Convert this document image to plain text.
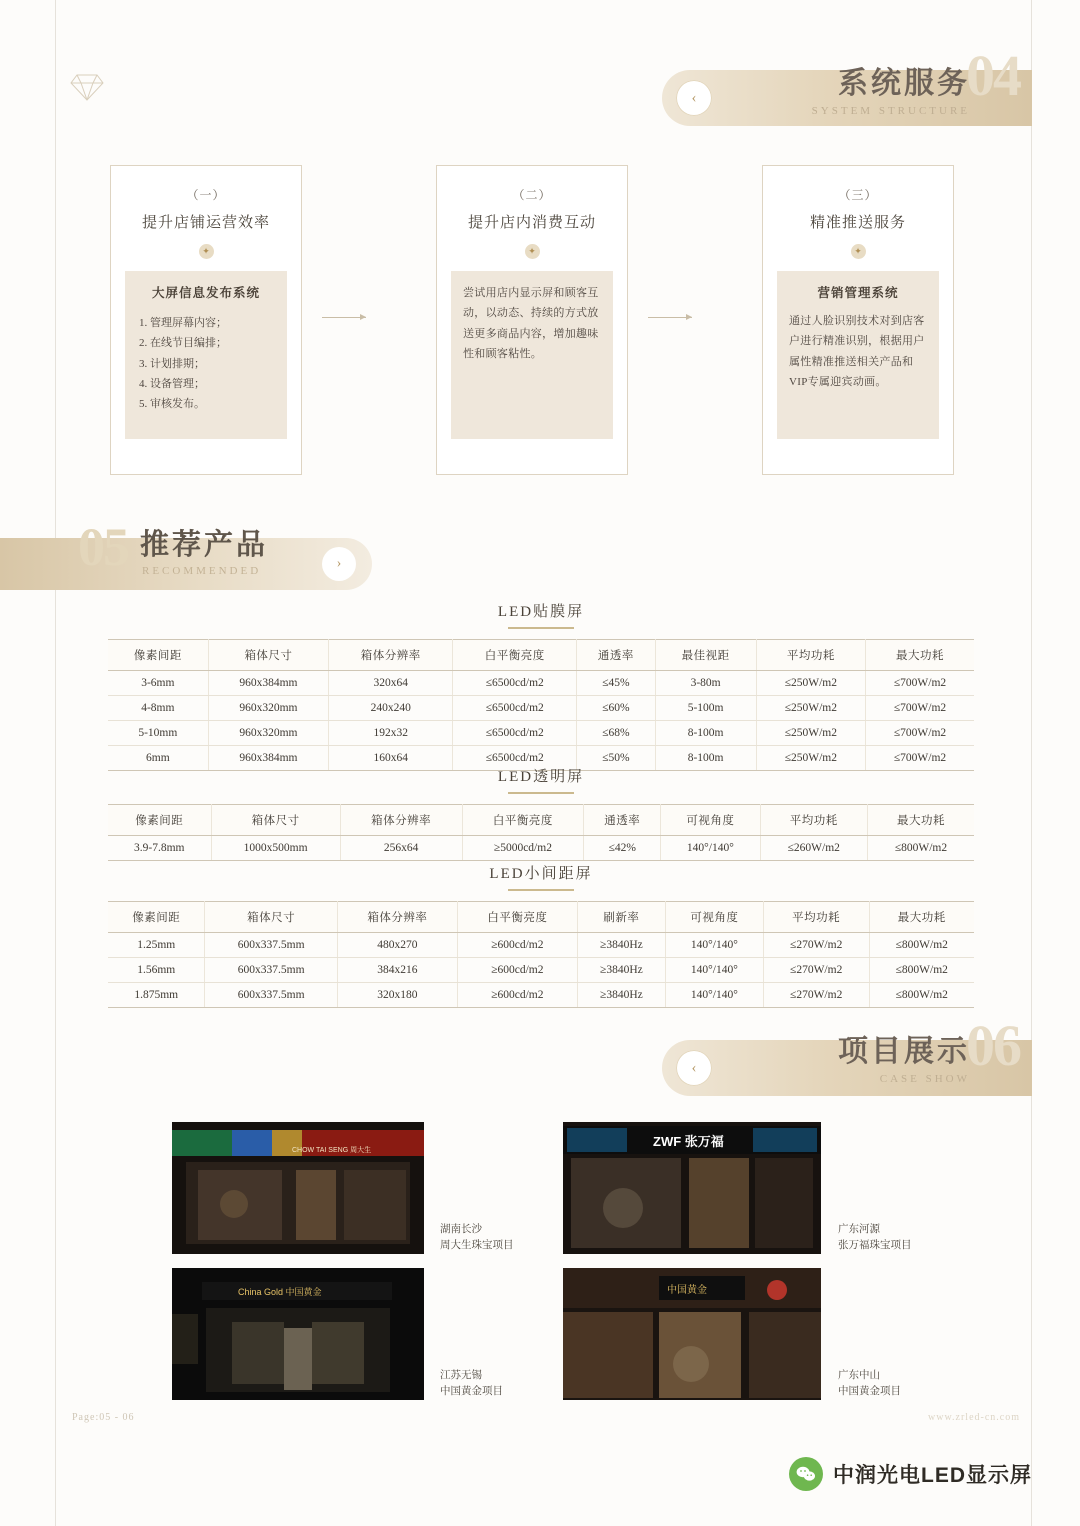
‹	04
系统服务
SYSTEM STRUCTURE
（一）
提升店铺运营效率
✦
大屏信息发布系统
1. 管理屏幕内容；
2. 在线节目编排；
3. 计划排期；
4. 设备管理；
5. 审核发布。
（二）
提升店内消费互动
✦
尝试用店内显示屏和顾客互动，以动态、持续的方式放送更多商品内容，增加趣味性和顾客粘性。
（三）
精准推送服务
✦
营销管理系统
通过人脸识别技术对到店客户进行精准识别，根据用户属性精准推送相关产品和VIP专属迎宾动画。
›
05 推荐产品
RECOMMENDED
LED贴膜屏
像素间距	箱体尺寸	箱体分辨率	白平衡亮度	通透率	最佳视距	平均功耗	最大功耗
3-6mm	960x384mm	320x64	≤6500cd/m2	≤45%	3-80m	≤250W/m2	≤700W/m2
4-8mm	960x320mm	240x240	≤6500cd/m2	≤60%	5-100m	≤250W/m2	≤700W/m2
5-10mm	960x320mm	192x32	≤6500cd/m2	≤68%	8-100m	≤250W/m2	≤700W/m2
6mm	960x384mm	160x64	≤6500cd/m2	≤50%	8-100m	≤250W/m2	≤700W/m2
LED透明屏
像素间距	箱体尺寸	箱体分辨率	白平衡亮度	通透率	可视角度	平均功耗	最大功耗
3.9-7.8mm	1000x500mm	256x64	≥5000cd/m2	≤42%	140°/140°	≤260W/m2	≤800W/m2
LED小间距屏
像素间距	箱体尺寸	箱体分辨率	白平衡亮度	刷新率	可视角度	平均功耗	最大功耗
1.25mm	600x337.5mm	480x270	≥600cd/m2	≥3840Hz	140°/140°	≤270W/m2	≤800W/m2
1.56mm	600x337.5mm	384x216	≥600cd/m2	≥3840Hz	140°/140°	≤270W/m2	≤800W/m2
1.875mm	600x337.5mm	320x180	≥600cd/m2	≥3840Hz	140°/140°	≤270W/m2	≤800W/m2
‹	06
项目展示
CASE SHOW
CHOW TAI SENG 周大生
湖南长沙
周大生珠宝项目
ZWF 张万福
广东河源
张万福珠宝项目
China Gold 中国黄金
江苏无锡
中国黄金项目
中国黄金
广东中山
中国黄金项目
Page:05 - 06	www.zrled-cn.com
中润光电LED显示屏
